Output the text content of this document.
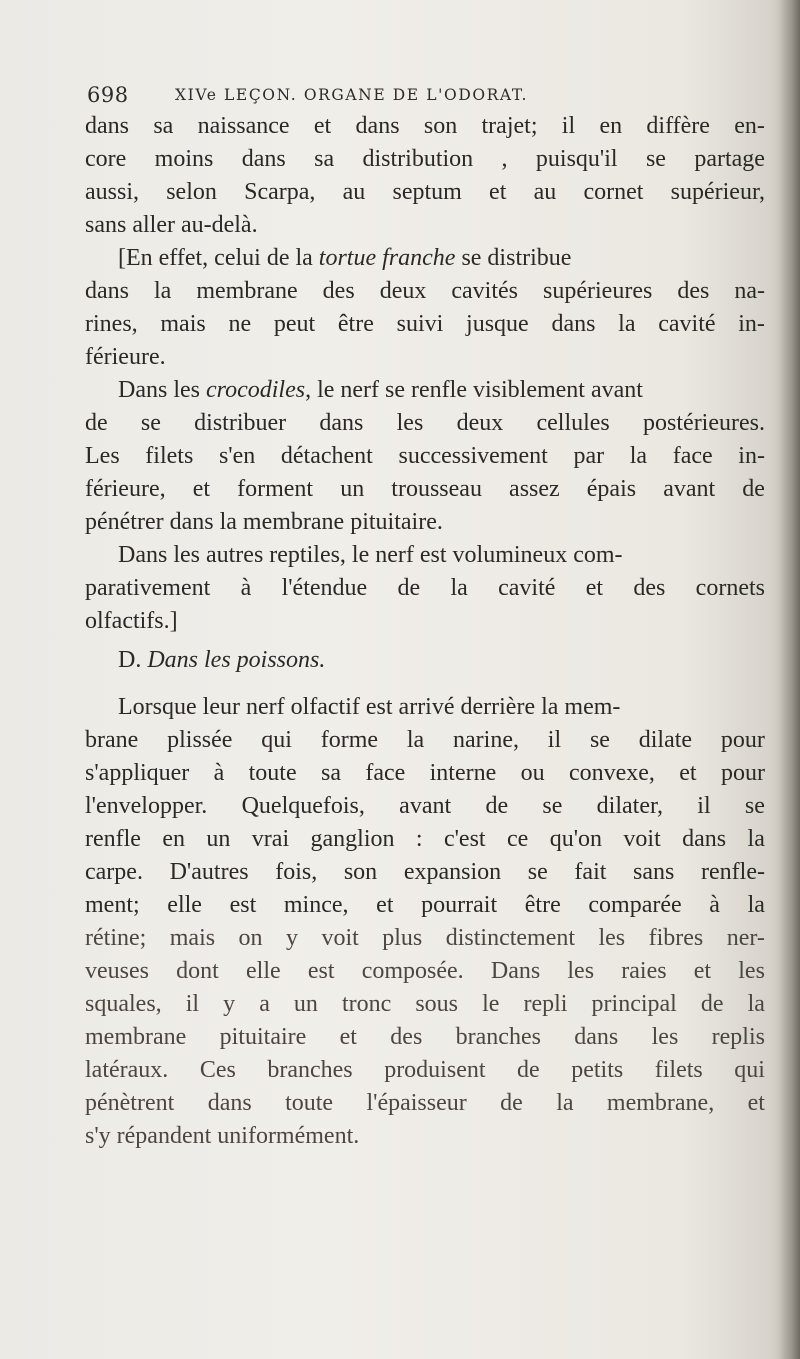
698	XIVe LEÇON. ORGANE DE L'ODORAT.
dans sa naissance et dans son trajet; il en diffère en-
core moins dans sa distribution , puisqu'il se partage
aussi, selon Scarpa, au septum et au cornet supérieur,
sans aller au-delà.
[En effet, celui de la tortue franche se distribue
dans la membrane des deux cavités supérieures des na-
rines, mais ne peut être suivi jusque dans la cavité in-
férieure.
Dans les crocodiles, le nerf se renfle visiblement avant
de se distribuer dans les deux cellules postérieures.
Les filets s'en détachent successivement par la face in-
férieure, et forment un trousseau assez épais avant de
pénétrer dans la membrane pituitaire.
Dans les autres reptiles, le nerf est volumineux com-
parativement à l'étendue de la cavité et des cornets
olfactifs.]
D. Dans les poissons.
Lorsque leur nerf olfactif est arrivé derrière la mem-
brane plissée qui forme la narine, il se dilate pour
s'appliquer à toute sa face interne ou convexe, et pour
l'envelopper. Quelquefois, avant de se dilater, il se
renfle en un vrai ganglion : c'est ce qu'on voit dans la
carpe. D'autres fois, son expansion se fait sans renfle-
ment; elle est mince, et pourrait être comparée à la
rétine; mais on y voit plus distinctement les fibres ner-
veuses dont elle est composée. Dans les raies et les
squales, il y a un tronc sous le repli principal de la
membrane pituitaire et des branches dans les replis
latéraux. Ces branches produisent de petits filets qui
pénètrent dans toute l'épaisseur de la membrane, et
s'y répandent uniformément.
